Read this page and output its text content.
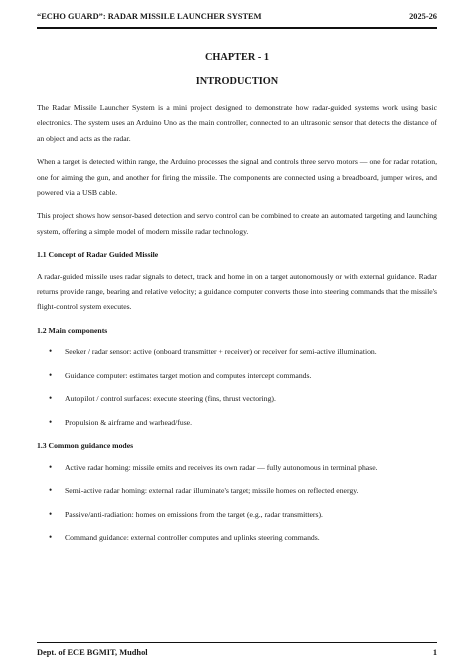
“ECHO GUARD”: RADAR MISSILE LAUNCHER SYSTEM	2025-26
CHAPTER - 1
INTRODUCTION

The Radar Missile Launcher System is a mini project designed to demonstrate how radar-guided systems work using basic electronics. The system uses an Arduino Uno as the main controller, connected to an ultrasonic sensor that detects the distance of an object and acts as the radar.

When a target is detected within range, the Arduino processes the signal and controls three servo motors — one for radar rotation, one for aiming the gun, and another for firing the missile. The components are connected using a breadboard, jumper wires, and powered via a USB cable.

This project shows how sensor-based detection and servo control can be combined to create an automated targeting and launching system, offering a simple model of modern missile radar technology.

1.1 Concept of Radar Guided Missile

A radar-guided missile uses radar signals to detect, track and home in on a target autonomously or with external guidance. Radar returns provide range, bearing and relative velocity; a guidance computer converts those into steering commands that the missile's flight-control system executes.

1.2 Main components
• Seeker / radar sensor: active (onboard transmitter + receiver) or receiver for semi-active illumination.
• Guidance computer: estimates target motion and computes intercept commands.
• Autopilot / control surfaces: execute steering (fins, thrust vectoring).
• Propulsion & airframe and warhead/fuse.
1.3 Common guidance modes
• Active radar homing: missile emits and receives its own radar — fully autonomous in terminal phase.
• Semi-active radar homing: external radar illuminate's target; missile homes on reflected energy.
• Passive/anti-radiation: homes on emissions from the target (e.g., radar transmitters).
• Command guidance: external controller computes and uplinks steering commands.
Dept. of ECE BGMIT, Mudhol	1
